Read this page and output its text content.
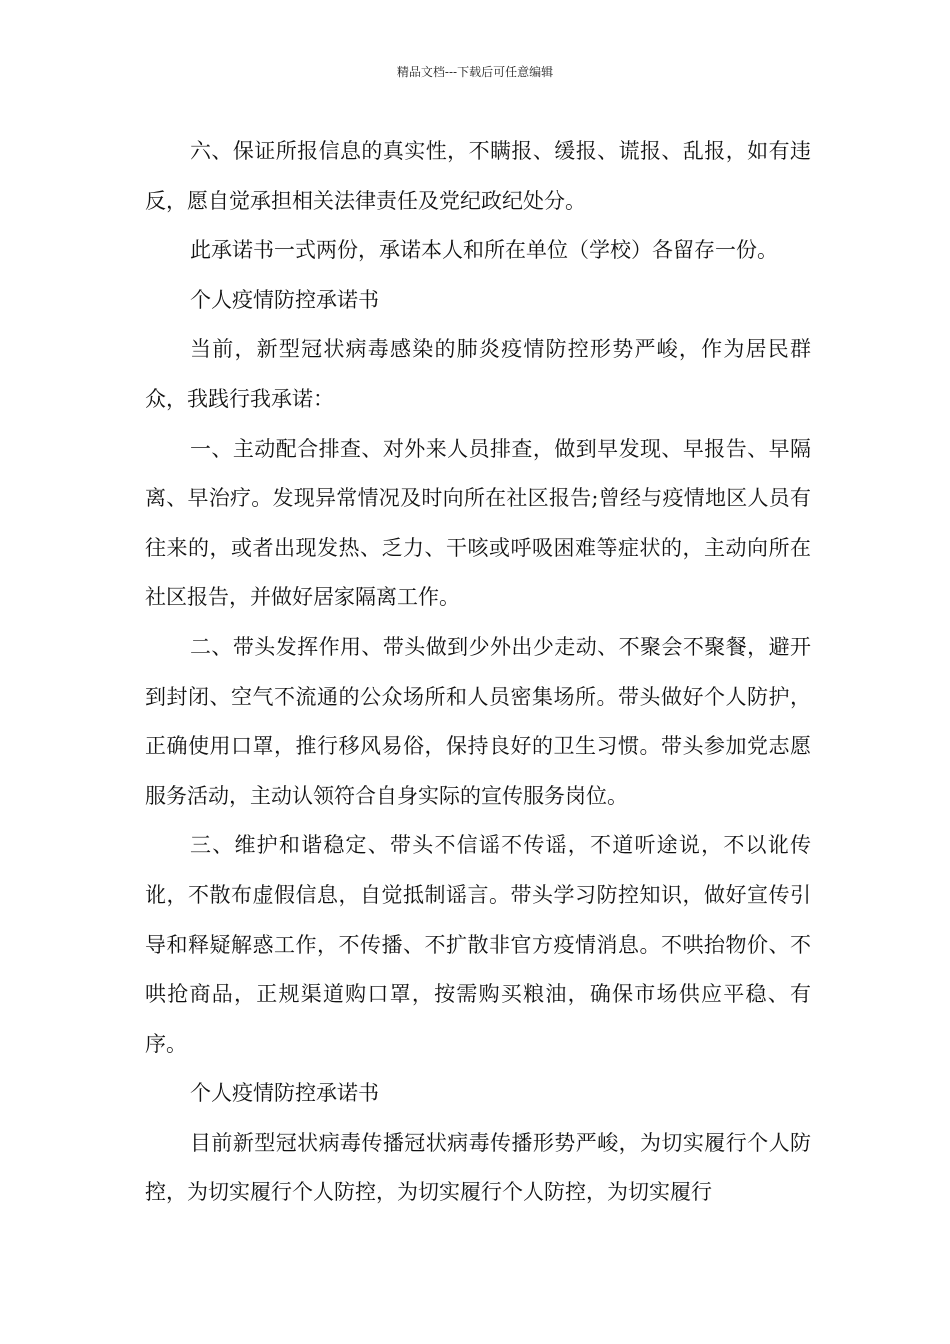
精品文档---下载后可任意编辑

六、保证所报信息的真实性，不瞒报、缓报、谎报、乱报，如有违反，愿自觉承担相关法律责任及党纪政纪处分。

此承诺书一式两份，承诺本人和所在单位（学校）各留存一份。

个人疫情防控承诺书

当前，新型冠状病毒感染的肺炎疫情防控形势严峻，作为居民群众，我践行我承诺：

一、主动配合排查、对外来人员排查，做到早发现、早报告、早隔离、早治疗。发现异常情况及时向所在社区报告;曾经与疫情地区人员有往来的，或者出现发热、乏力、干咳或呼吸困难等症状的，主动向所在社区报告，并做好居家隔离工作。

二、带头发挥作用、带头做到少外出少走动、不聚会不聚餐，避开到封闭、空气不流通的公众场所和人员密集场所。带头做好个人防护，正确使用口罩，推行移风易俗，保持良好的卫生习惯。带头参加党志愿服务活动，主动认领符合自身实际的宣传服务岗位。

三、维护和谐稳定、带头不信谣不传谣，不道听途说，不以讹传讹，不散布虚假信息，自觉抵制谣言。带头学习防控知识，做好宣传引导和释疑解惑工作，不传播、不扩散非官方疫情消息。不哄抬物价、不哄抢商品，正规渠道购口罩，按需购买粮油，确保市场供应平稳、有序。

个人疫情防控承诺书

目前新型冠状病毒传播冠状病毒传播形势严峻，为切实履行个人防控，为切实履行个人防控，为切实履行个人防控，为切实履行
